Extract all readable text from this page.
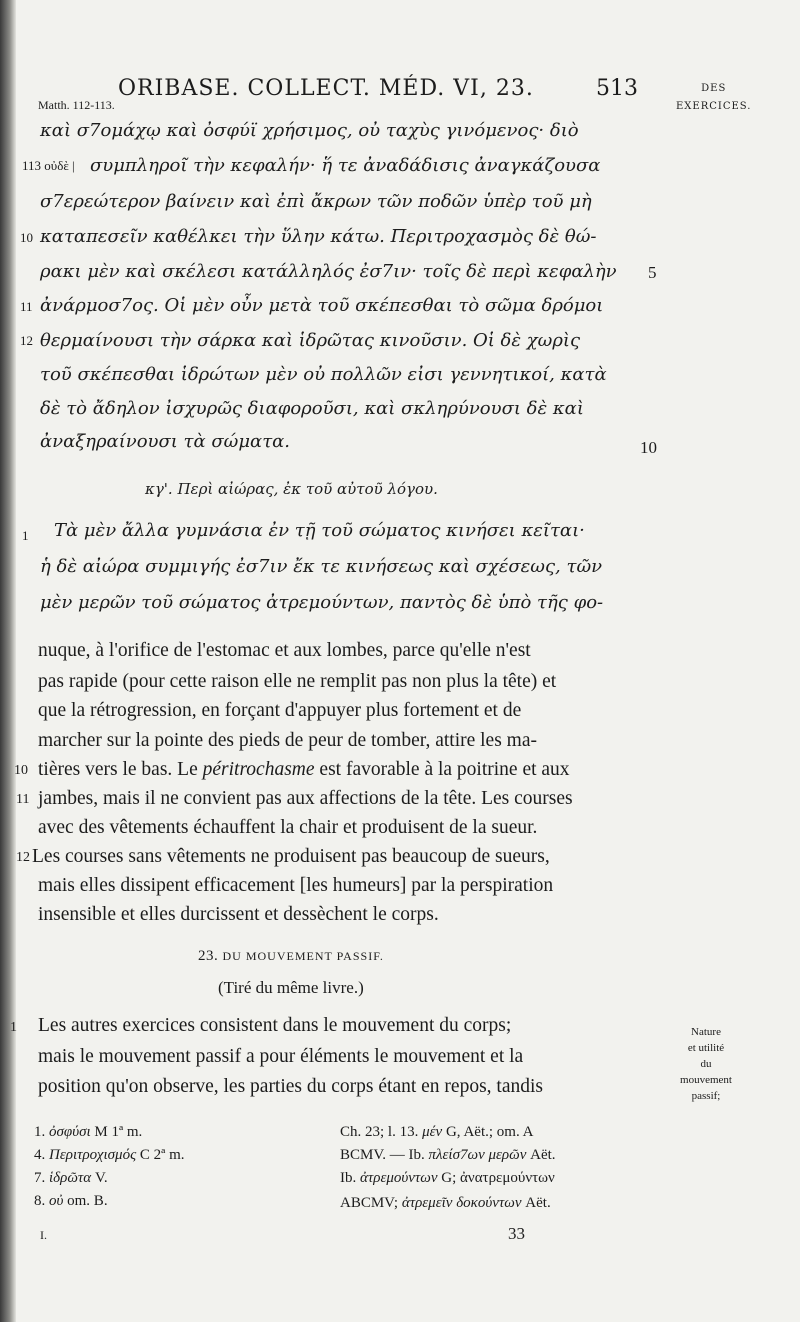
ORIBASE. COLLECT. MÉD. VI, 23.	513	DES
EXERCICES.
Matth. 112-113.
καὶ σ7ομάχῳ καὶ ὀσφύϊ χρήσιμος, οὐ ταχὺς γινόμενος· διὸ
113 οὐδὲ | συμπληροῖ τὴν κεφαλήν· ἥ τε ἀναδάδισις ἀναγκάζουσα
σ7ερεώτερον βαίνειν καὶ ἐπὶ ἄκρων τῶν ποδῶν ὑπὲρ τοῦ μὴ
10 καταπεσεῖν καθέλκει τὴν ὕλην κάτω. Περιτροχασμὸς δὲ θώ-
ρακι μὲν καὶ σκέλεσι κατάλληλός ἐσ7ιν· τοῖς δὲ περὶ κεφαλὴν 5
11 ἀνάρμοσ7ος. Οἱ μὲν οὖν μετὰ τοῦ σκέπεσθαι τὸ σῶμα δρόμοι
12 θερμαίνουσι τὴν σάρκα καὶ ἱδρῶτας κινοῦσιν. Οἱ δὲ χωρὶς
τοῦ σκέπεσθαι ἱδρώτων μὲν οὐ πολλῶν εἰσι γεννητικοί, κατὰ
δὲ τὸ ἄδηλον ἰσχυρῶς διαφοροῦσι, καὶ σκληρύνουσι δὲ καὶ
ἀναξηραίνουσι τὰ σώματα.	10
κγ'. Περὶ αἰώρας, ἐκ τοῦ αὐτοῦ λόγου.
1 Τὰ μὲν ἄλλα γυμνάσια ἐν τῇ τοῦ σώματος κινήσει κεῖται·
ἡ δὲ αἰώρα συμμιγής ἐσ7ιν ἔκ τε κινήσεως καὶ σχέσεως, τῶν
μὲν μερῶν τοῦ σώματος ἀτρεμούντων, παντὸς δὲ ὑπὸ τῆς φο-
nuque, à l'orifice de l'estomac et aux lombes, parce qu'elle n'est
pas rapide (pour cette raison elle ne remplit pas non plus la tête) et
que la rétrogression, en forçant d'appuyer plus fortement et de
marcher sur la pointe des pieds de peur de tomber, attire les ma-
10 tières vers le bas. Le péritrochasme est favorable à la poitrine et aux
11 jambes, mais il ne convient pas aux affections de la tête. Les courses
avec des vêtements échauffent la chair et produisent de la sueur.
12 Les courses sans vêtements ne produisent pas beaucoup de sueurs,
mais elles dissipent efficacement [les humeurs] par la perspiration
insensible et elles durcissent et dessèchent le corps.
23. DU MOUVEMENT PASSIF.
(Tiré du même livre.)
1 Les autres exercices consistent dans le mouvement du corps;
mais le mouvement passif a pour éléments le mouvement et la
position qu'on observe, les parties du corps étant en repos, tandis
Nature
et utilité
du
mouvement
passif;
1. ὀσφύσι M 1ª m.
4. Περιτροχισμός C 2ª m.
7. ἱδρῶτα V.
8. οὐ om. B.
Ch. 23; l. 13. μέν G, Aët.; om. A
BCMV. — Ib. πλείσ7ων μερῶν Aët.
Ib. ἀτρεμούντων G; ἀνατρεμούντων
ABCMV; ἀτρεμεῖν δοκούντων Aët.
I.	33
